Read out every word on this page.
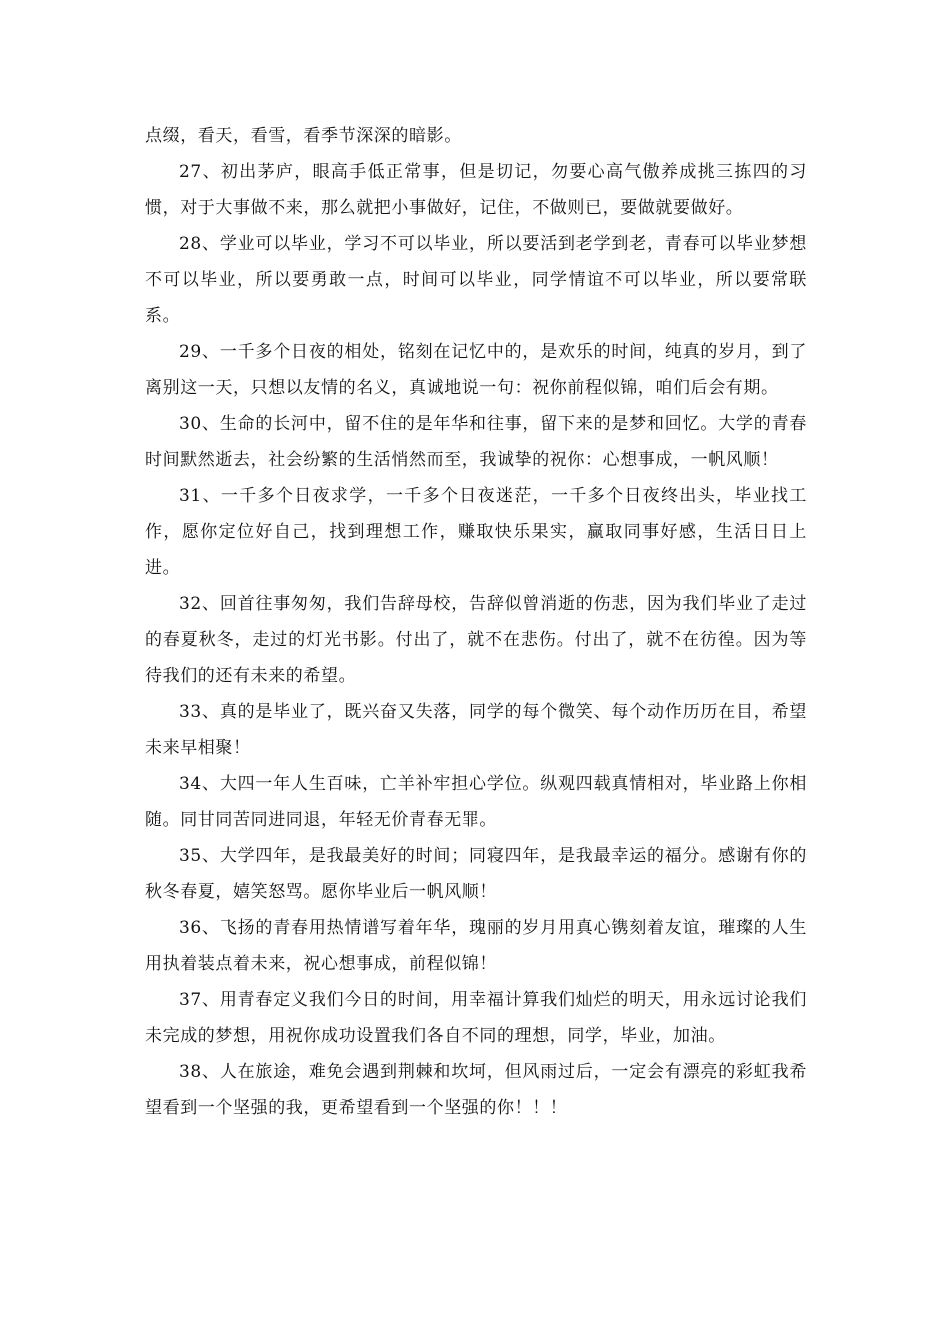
点缀，看天，看雪，看季节深深的暗影。

27、初出茅庐，眼高手低正常事，但是切记，勿要心高气傲养成挑三拣四的习惯，对于大事做不来，那么就把小事做好，记住，不做则已，要做就要做好。

28、学业可以毕业，学习不可以毕业，所以要活到老学到老，青春可以毕业梦想不可以毕业，所以要勇敢一点，时间可以毕业，同学情谊不可以毕业，所以要常联系。

29、一千多个日夜的相处，铭刻在记忆中的，是欢乐的时间，纯真的岁月，到了离别这一天，只想以友情的名义，真诚地说一句：祝你前程似锦，咱们后会有期。

30、生命的长河中，留不住的是年华和往事，留下来的是梦和回忆。大学的青春时间默然逝去，社会纷繁的生活悄然而至，我诚挚的祝你：心想事成，一帆风顺！

31、一千多个日夜求学，一千多个日夜迷茫，一千多个日夜终出头，毕业找工作，愿你定位好自己，找到理想工作，赚取快乐果实，赢取同事好感，生活日日上进。

32、回首往事匆匆，我们告辞母校，告辞似曾消逝的伤悲，因为我们毕业了走过的春夏秋冬，走过的灯光书影。付出了，就不在悲伤。付出了，就不在彷徨。因为等待我们的还有未来的希望。

33、真的是毕业了，既兴奋又失落，同学的每个微笑、每个动作历历在目，希望未来早相聚！

34、大四一年人生百味，亡羊补牢担心学位。纵观四载真情相对，毕业路上你相随。同甘同苦同进同退，年轻无价青春无罪。

35、大学四年，是我最美好的时间；同寝四年，是我最幸运的福分。感谢有你的秋冬春夏，嬉笑怒骂。愿你毕业后一帆风顺！

36、飞扬的青春用热情谱写着年华，瑰丽的岁月用真心镌刻着友谊，璀璨的人生用执着装点着未来，祝心想事成，前程似锦！

37、用青春定义我们今日的时间，用幸福计算我们灿烂的明天，用永远讨论我们未完成的梦想，用祝你成功设置我们各自不同的理想，同学，毕业，加油。

38、人在旅途，难免会遇到荆棘和坎坷，但风雨过后，一定会有漂亮的彩虹我希望看到一个坚强的我，更希望看到一个坚强的你！！！
